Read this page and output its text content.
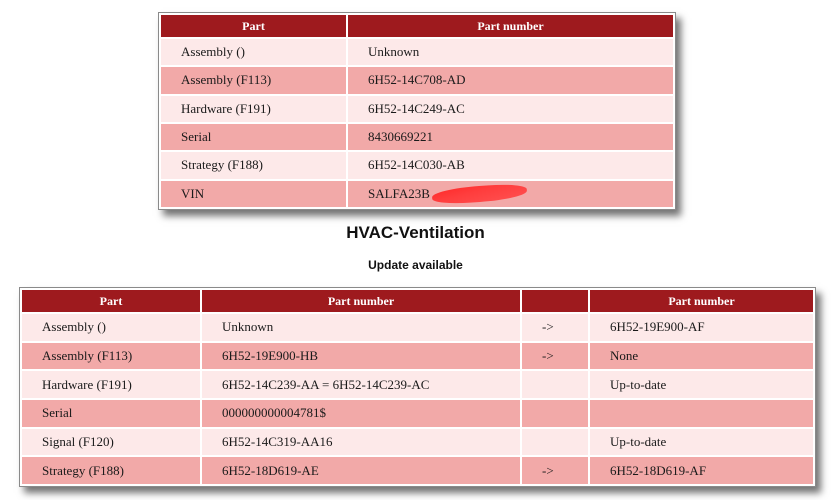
Part	Part number
Assembly ()	Unknown
Assembly (F113)	6H52-14C708-AD
Hardware (F191)	6H52-14C249-AC
Serial	8430669221
Strategy (F188)	6H52-14C030-AB
VIN	SALFA23B
HVAC-Ventilation
Update available
Part	Part number		Part number
Assembly ()	Unknown	->	6H52-19E900-AF
Assembly (F113)	6H52-19E900-HB	->	None
Hardware (F191)	6H52-14C239-AA = 6H52-14C239-AC		Up-to-date
Serial	000000000004781$		
Signal (F120)	6H52-14C319-AA16		Up-to-date
Strategy (F188)	6H52-18D619-AE	->	6H52-18D619-AF
